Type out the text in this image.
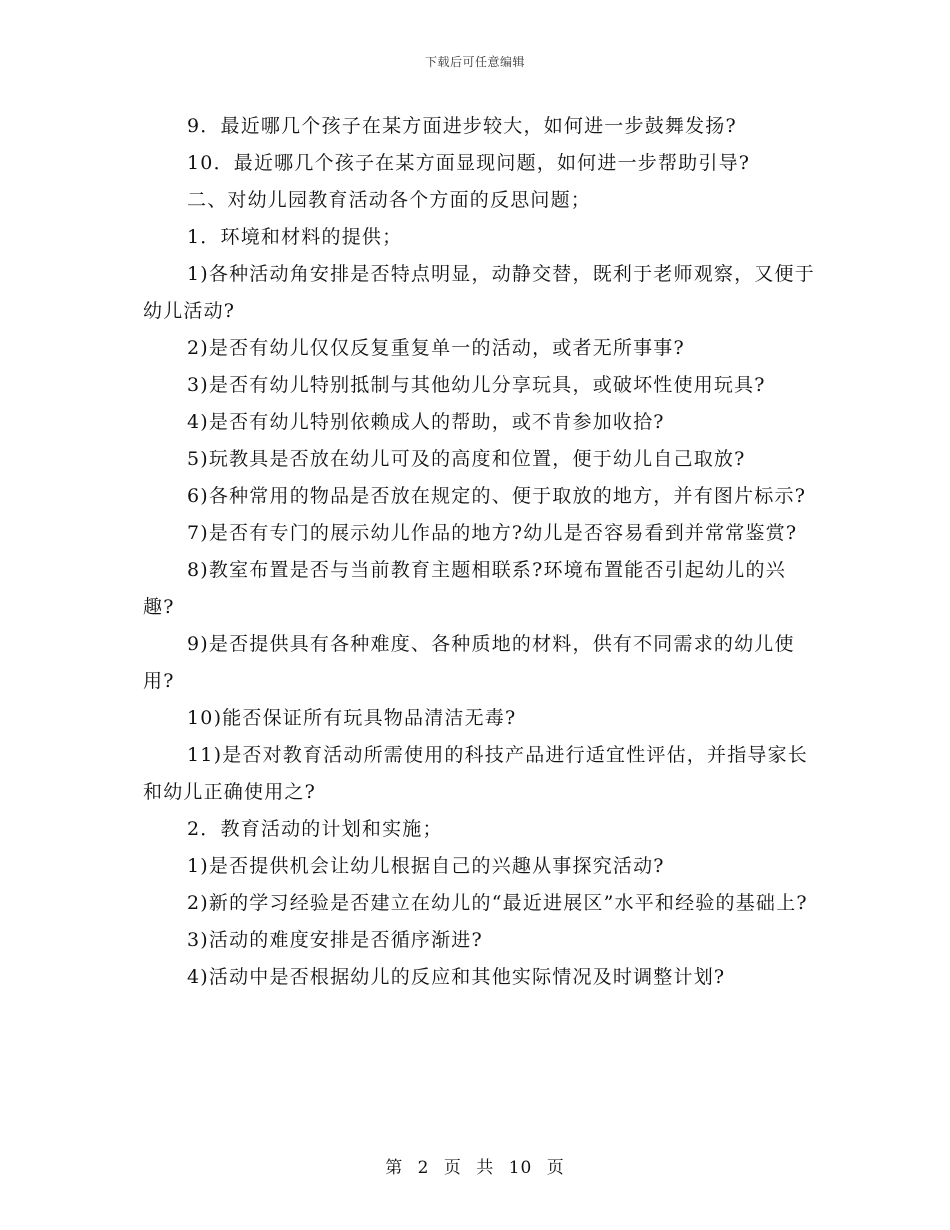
下载后可任意编辑

9．最近哪几个孩子在某方面进步较大，如何进一步鼓舞发扬?

10．最近哪几个孩子在某方面显现问题，如何进一步帮助引导?

二、对幼儿园教育活动各个方面的反思问题；

1．环境和材料的提供；

1)各种活动角安排是否特点明显，动静交替，既利于老师观察，又便于幼儿活动?

2)是否有幼儿仅仅反复重复单一的活动，或者无所事事?

3)是否有幼儿特别抵制与其他幼儿分享玩具，或破坏性使用玩具?

4)是否有幼儿特别依赖成人的帮助，或不肯参加收拾?

5)玩教具是否放在幼儿可及的高度和位置，便于幼儿自己取放?

6)各种常用的物品是否放在规定的、便于取放的地方，并有图片标示?

7)是否有专门的展示幼儿作品的地方?幼儿是否容易看到并常常鉴赏?

8)教室布置是否与当前教育主题相联系?环境布置能否引起幼儿的兴趣?

9)是否提供具有各种难度、各种质地的材料，供有不同需求的幼儿使用?

10)能否保证所有玩具物品清洁无毒?

11)是否对教育活动所需使用的科技产品进行适宜性评估，并指导家长和幼儿正确使用之?

2．教育活动的计划和实施；

1)是否提供机会让幼儿根据自己的兴趣从事探究活动?

2)新的学习经验是否建立在幼儿的“最近进展区”水平和经验的基础上?

3)活动的难度安排是否循序渐进?

4)活动中是否根据幼儿的反应和其他实际情况及时调整计划?

第 2 页 共 10 页
